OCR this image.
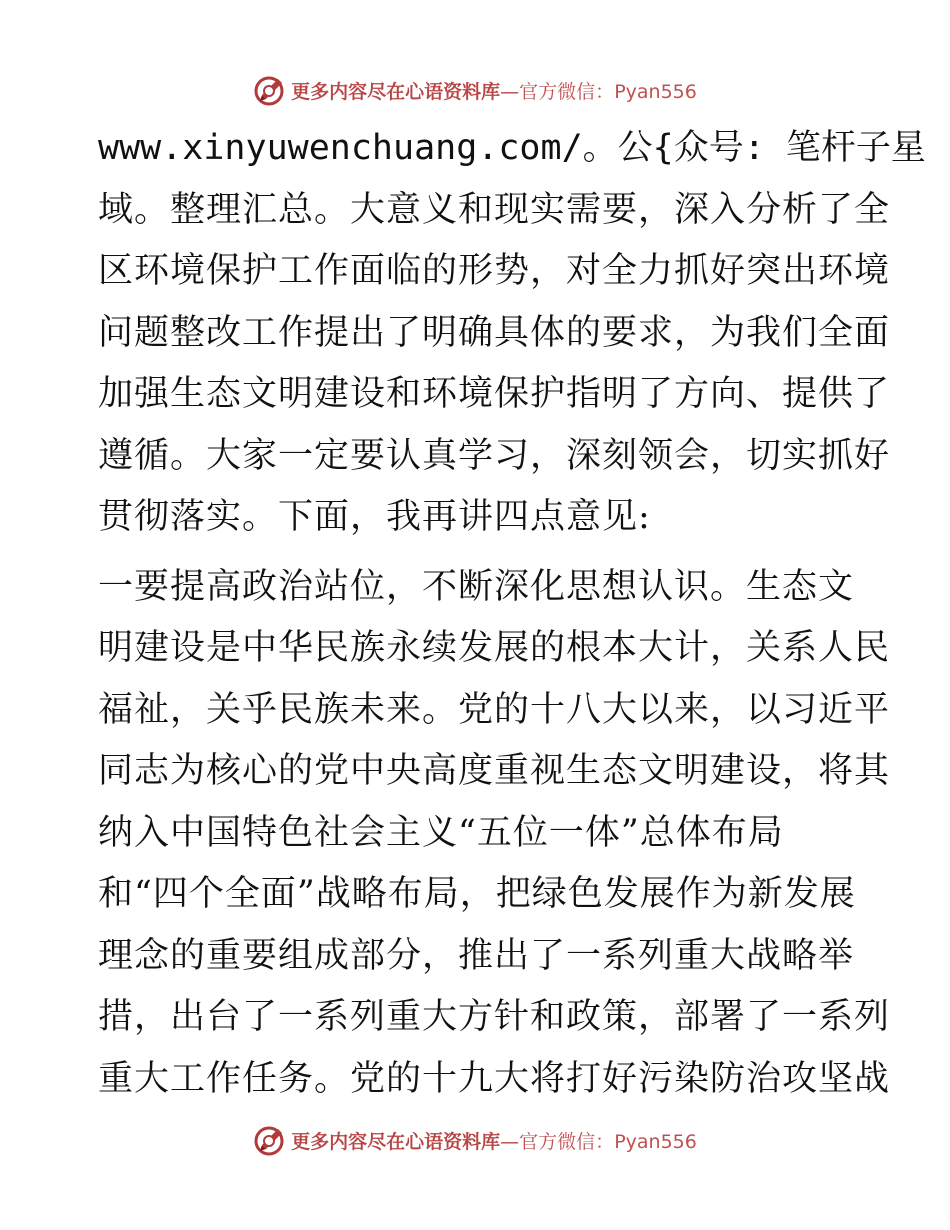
更多内容尽在心语资料库—官方微信：Pyan556
www.xinyuwenchuang.com/。公{众号: 笔杆子星
域。整理汇总。大意义和现实需要，深入分析了全
区环境保护工作面临的形势，对全力抓好突出环境
问题整改工作提出了明确具体的要求，为我们全面
加强生态文明建设和环境保护指明了方向、提供了
遵循。大家一定要认真学习，深刻领会，切实抓好
贯彻落实。下面，我再讲四点意见:
一要提高政治站位，不断深化思想认识。生态文
明建设是中华民族永续发展的根本大计，关系人民
福祉，关乎民族未来。党的十八大以来，以习近平
同志为核心的党中央高度重视生态文明建设，将其
纳入中国特色社会主义“五位一体”总体布局
和“四个全面”战略布局，把绿色发展作为新发展
理念的重要组成部分，推出了一系列重大战略举
措，出台了一系列重大方针和政策，部署了一系列
重大工作任务。党的十九大将打好污染防治攻坚战
更多内容尽在心语资料库—官方微信：Pyan556
